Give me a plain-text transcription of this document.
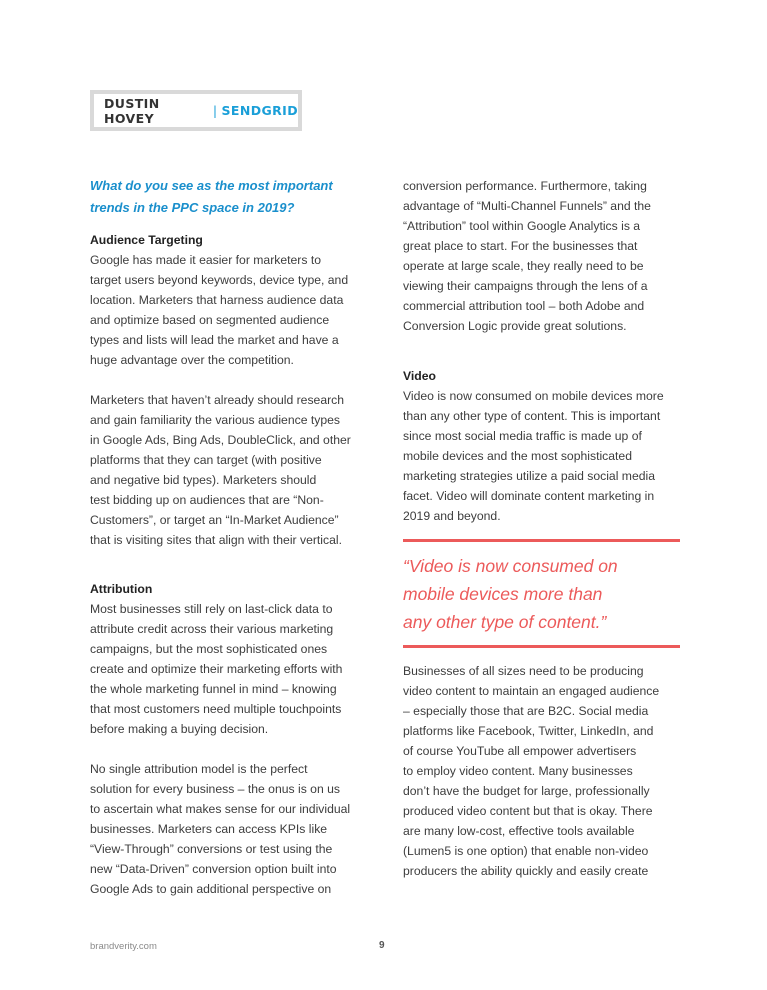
DUSTIN HOVEY	| SENDGRID

What do you see as the most important
trends in the PPC space in 2019?

Audience Targeting

Google has made it easier for marketers to
target users beyond keywords, device type, and
location. Marketers that harness audience data
and optimize based on segmented audience
types and lists will lead the market and have a
huge advantage over the competition.

Marketers that haven’t already should research
and gain familiarity the various audience types
in Google Ads, Bing Ads, DoubleClick, and other
platforms that they can target (with positive
and negative bid types). Marketers should
test bidding up on audiences that are “Non-
Customers”, or target an “In-Market Audience”
that is visiting sites that align with their vertical.

Attribution

Most businesses still rely on last-click data to
attribute credit across their various marketing
campaigns, but the most sophisticated ones
create and optimize their marketing efforts with
the whole marketing funnel in mind – knowing
that most customers need multiple touchpoints
before making a buying decision.

No single attribution model is the perfect
solution for every business – the onus is on us
to ascertain what makes sense for our individual
businesses. Marketers can access KPIs like
“View-Through” conversions or test using the
new “Data-Driven” conversion option built into
Google Ads to gain additional perspective on

conversion performance. Furthermore, taking
advantage of “Multi-Channel Funnels” and the
“Attribution” tool within Google Analytics is a
great place to start. For the businesses that
operate at large scale, they really need to be
viewing their campaigns through the lens of a
commercial attribution tool – both Adobe and
Conversion Logic provide great solutions.

Video

Video is now consumed on mobile devices more
than any other type of content. This is important
since most social media traffic is made up of
mobile devices and the most sophisticated
marketing strategies utilize a paid social media
facet. Video will dominate content marketing in
2019 and beyond.

“Video is now consumed on
mobile devices more than
any other type of content.”

Businesses of all sizes need to be producing
video content to maintain an engaged audience
– especially those that are B2C. Social media
platforms like Facebook, Twitter, LinkedIn, and
of course YouTube all empower advertisers
to employ video content. Many businesses
don’t have the budget for large, professionally
produced video content but that is okay. There
are many low-cost, effective tools available
(Lumen5 is one option) that enable non-video
producers the ability quickly and easily create

brandverity.com	9
